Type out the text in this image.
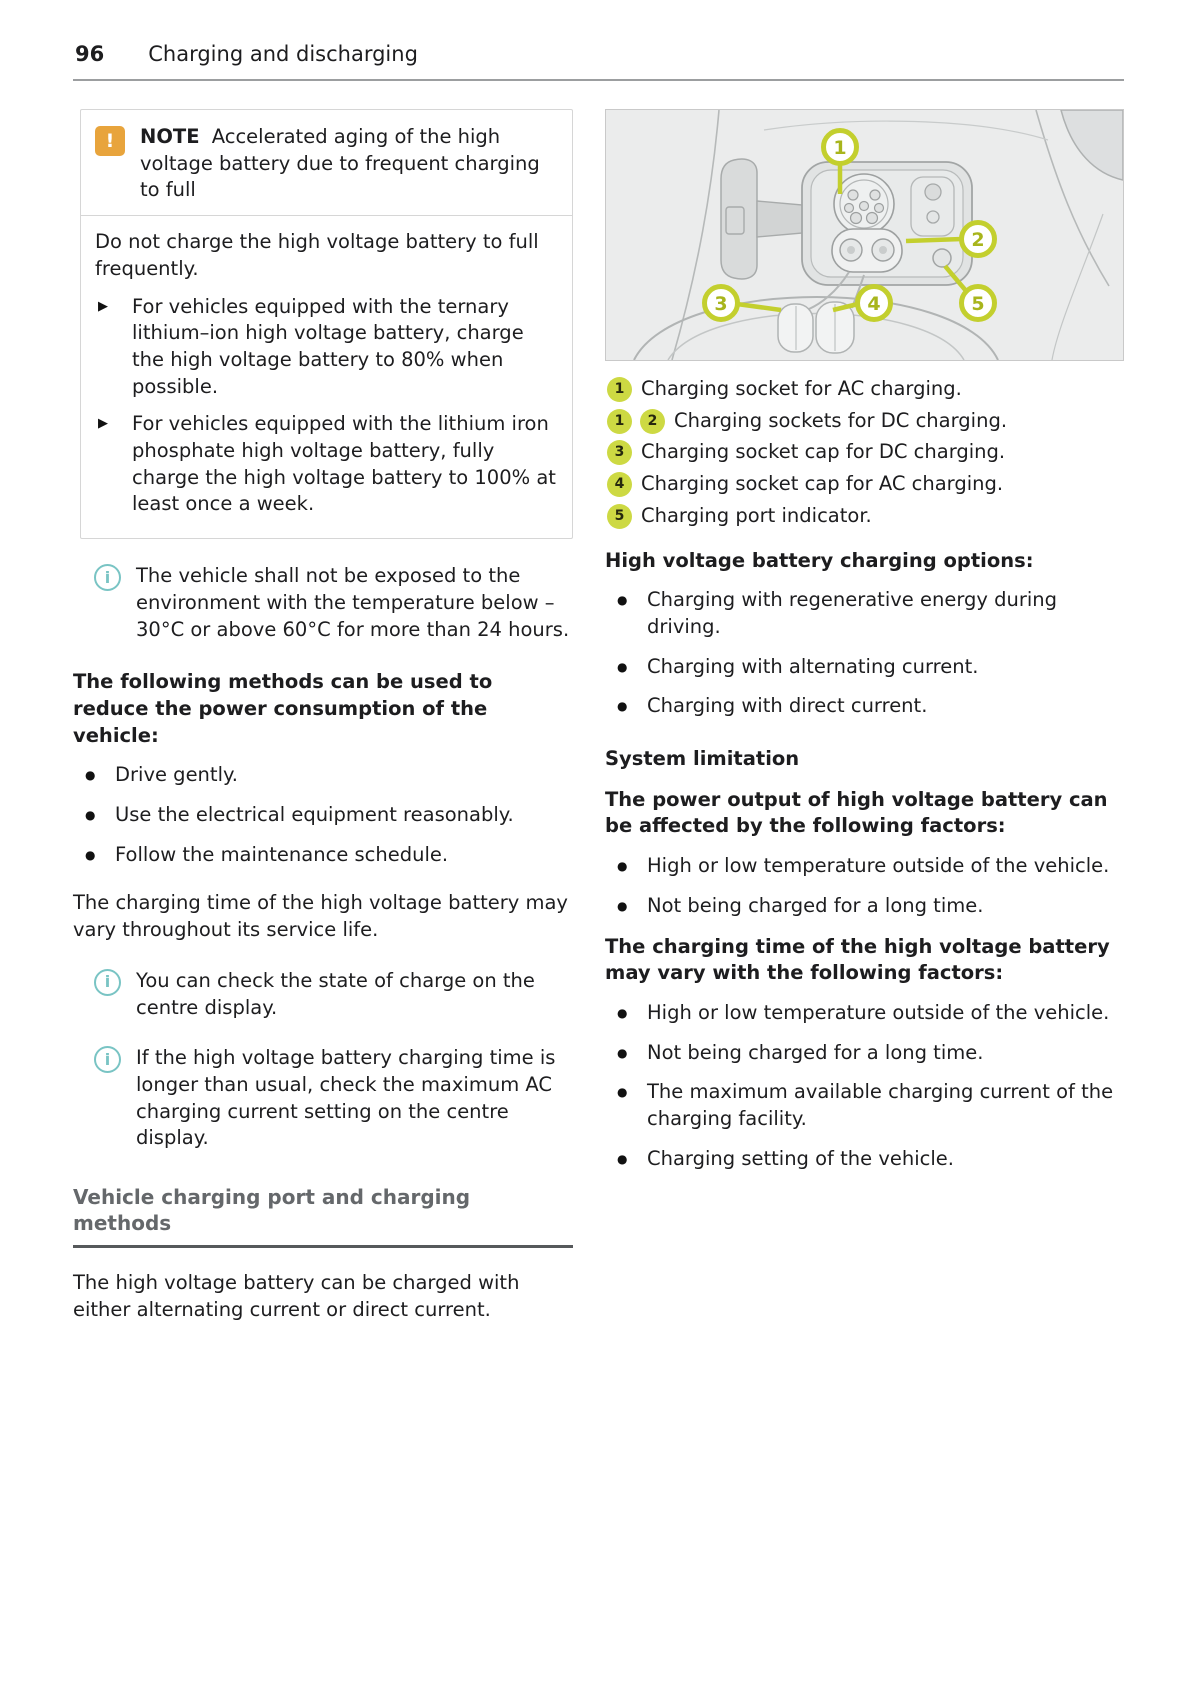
96 Charging and discharging
!	NOTE Accelerated aging of the high voltage battery due to frequent charging to full

Do not charge the high voltage battery to full frequently.

▶	For vehicles equipped with the ternary lithium–ion high voltage battery, charge the high voltage battery to 80% when possible.
▶	For vehicles equipped with the lithium iron phosphate high voltage battery, fully charge the high voltage battery to 100% at least once a week.
i	The vehicle shall not be exposed to the environment with the temperature below –30°C or above 60°C for more than 24 hours.
The following methods can be used to reduce the power consumption of the vehicle:
●	Drive gently.
●	Use the electrical equipment reasonably.
●	Follow the maintenance schedule.

The charging time of the high voltage battery may vary throughout its service life.

i	You can check the state of charge on the centre display.
i	If the high voltage battery charging time is longer than usual, check the maximum AC charging current setting on the centre display.
Vehicle charging port and charging methods

The high voltage battery can be charged with either alternating current or direct current.

1
2
3	4	5
1 Charging socket for AC charging.
1	2 Charging sockets for DC charging.
3 Charging socket cap for DC charging.
4 Charging socket cap for AC charging.
5 Charging port indicator.
High voltage battery charging options:
●	Charging with regenerative energy during driving.
●	Charging with alternating current.
●	Charging with direct current.
System limitation
The power output of high voltage battery can be affected by the following factors:
●	High or low temperature outside of the vehicle.
●	Not being charged for a long time.
The charging time of the high voltage battery may vary with the following factors:
●	High or low temperature outside of the vehicle.
●	Not being charged for a long time.
●	The maximum available charging current of the charging facility.
●	Charging setting of the vehicle.
